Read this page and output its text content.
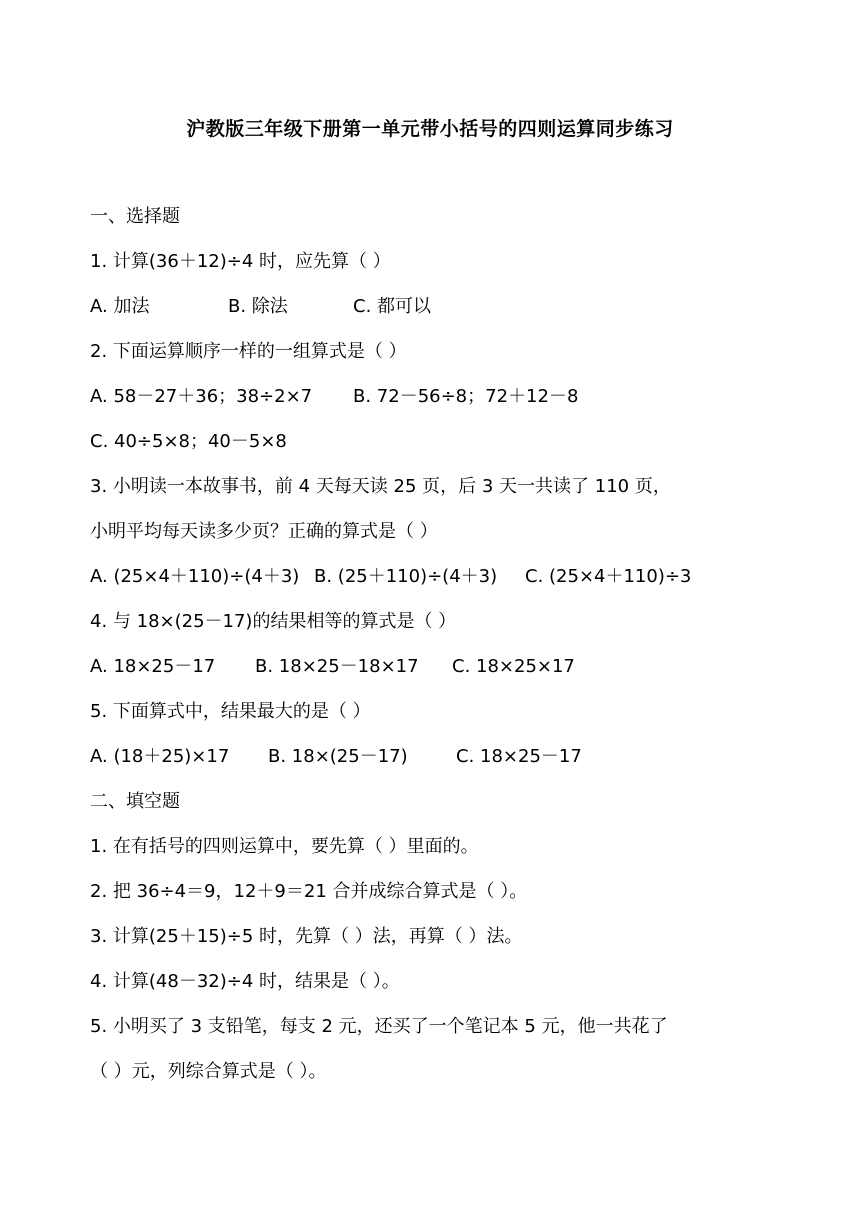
沪教版三年级下册第一单元带小括号的四则运算同步练习
一、选择题
1. 计算(36＋12)÷4 时，应先算（ ）
A. 加法	B. 除法	C. 都可以
2. 下面运算顺序一样的一组算式是（ ）
A. 58－27＋36；38÷2×7 B. 72－56÷8；72＋12－8
C. 40÷5×8；40－5×8
3. 小明读一本故事书，前 4 天每天读 25 页，后 3 天一共读了 110 页，
小明平均每天读多少页？正确的算式是（ ）
A. (25×4＋110)÷(4＋3) B. (25＋110)÷(4＋3) C. (25×4＋110)÷3
4. 与 18×(25－17)的结果相等的算式是（ ）
A. 18×25－17 B. 18×25－18×17 C. 18×25×17
5. 下面算式中，结果最大的是（ ）
A. (18＋25)×17 B. 18×(25－17)	C. 18×25－17
二、填空题
1. 在有括号的四则运算中，要先算（ ）里面的。
2. 把 36÷4＝9，12＋9＝21 合并成综合算式是（ ）。
3. 计算(25＋15)÷5 时，先算（ ）法，再算（ ）法。
4. 计算(48－32)÷4 时，结果是（ ）。
5. 小明买了 3 支铅笔，每支 2 元，还买了一个笔记本 5 元，他一共花了
（ ）元，列综合算式是（ ）。
